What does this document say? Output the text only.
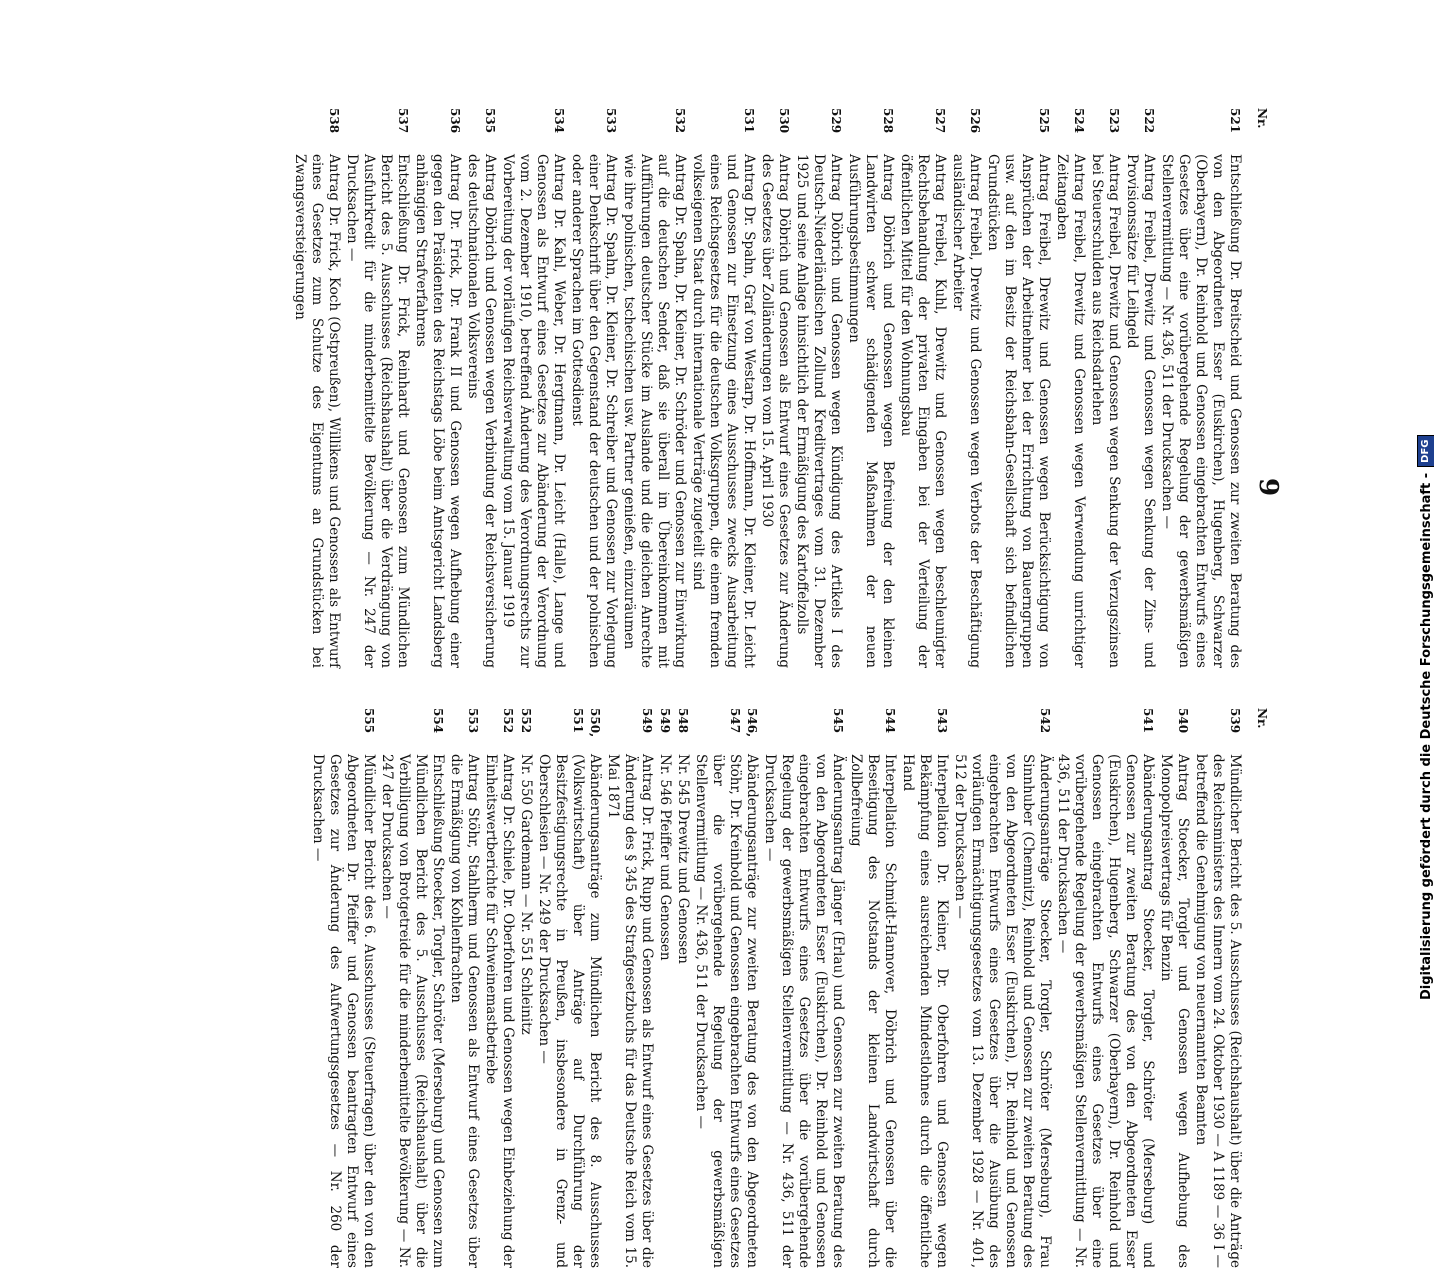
Nr.
9
Nr.
521
Entschließung Dr. Breitscheid und Genossen zur zweiten Beratung des von den Abgeordneten Esser (Euskirchen), Hugenberg, Schwarzer (Oberbayern), Dr. Reinhold und Genossen eingebrachten Entwurfs eines Gesetzes über eine vorübergehende Regelung der gewerbsmäßigen Stellenvermittlung — Nr. 436, 511 der Drucksachen —
522
Antrag Freibel, Drewitz und Genossen wegen Senkung der Zins- und Provisionssätze für Leihgeld
523
Antrag Freibel, Drewitz und Genossen wegen Senkung der Verzugszinsen bei Steuerschulden aus Reichsdarlehen
524
Antrag Freibel, Drewitz und Genossen wegen Verwendung unrichtiger Zeitangaben
525
Antrag Freibel, Drewitz und Genossen wegen Berücksichtigung von Ansprüchen der Arbeitnehmer bei der Errichtung von Bauerngruppen usw. auf den im Besitz der Reichsbahn-Gesellschaft sich befindlichen Grundstücken
526
Antrag Freibel, Drewitz und Genossen wegen Verbots der Beschäftigung ausländischer Arbeiter
527
Antrag Freibel, Kuhl, Drewitz und Genossen wegen beschleunigter Rechtsbehandlung der privaten Eingaben bei der Verteilung der öffentlichen Mittel für den Wohnungsbau
528
Antrag Döbrich und Genossen wegen Befreiung der den kleinen Landwirten schwer schädigenden Maßnahmen der neuen Ausführungsbestimmungen
529
Antrag Döbrich und Genossen wegen Kündigung des Artikels I des Deutsch-Niederländischen Zollund Kreditvertrages vom 31. Dezember 1925 und seine Anlage hinsichtlich der Ermäßigung des Kartoffelzolls
530
Antrag Döbrich und Genossen als Entwurf eines Gesetzes zur Änderung des Gesetzes über Zolländerungen vom 15. April 1930
531
Antrag Dr. Spahn, Graf von Westarp, Dr. Hoffmann, Dr. Kleiner, Dr. Leicht und Genossen zur Einsetzung eines Ausschusses zwecks Ausarbeitung eines Reichsgesetzes für die deutschen Volksgruppen, die einem fremden volkseigenen Staat durch internationale Verträge zugeteilt sind
532
Antrag Dr. Spahn, Dr. Kleiner, Dr. Schröder und Genossen zur Einwirkung auf die deutschen Sender, daß sie überall im Übereinkommen mit Aufführungen deutscher Stücke im Auslande und die gleichen Anrechte wie ihre polnischen, tschechischen usw. Partner genießen, einzuräumen
533
Antrag Dr. Spahn, Dr. Kleiner, Dr. Schreiber und Genossen zur Vorlegung einer Denkschrift über den Gegenstand der deutschen und der polnischen oder anderer Sprachen im Gottesdienst
534
Antrag Dr. Kahl, Weber, Dr. Hergtmann, Dr. Leicht (Halle), Lange und Genossen als Entwurf eines Gesetzes zur Abänderung der Verordnung vom 2. Dezember 1910, betreffend Änderung des Verordnungsrechts zur Vorbereitung der vorläufigen Reichsverwaltung vom 15. Januar 1919
535
Antrag Döbrich und Genossen wegen Verbindung der Reichsversicherung des deutschnationalen Volksvereins
536
Antrag Dr. Frick, Dr. Frank II und Genossen wegen Aufhebung einer gegen den Präsidenten des Reichstags Löbe beim Amtsgericht Landsberg anhängigen Strafverfahrens
537
Entschließung Dr. Frick, Reinhardt und Genossen zum Mündlichen Bericht des 5. Ausschusses (Reichshaushalt) über die Verdrängung von Ausfuhrkredit für die minderbemittelte Bevölkerung — Nr. 247 der Drucksachen —
538
Antrag Dr. Frick, Koch (Ostpreußen), Willikens und Genossen als Entwurf eines Gesetzes zum Schutze des Eigentums an Grundstücken bei Zwangsversteigerungen
539
Mündlicher Bericht des 5. Ausschusses (Reichshaushalt) über die Anträge des Reichsministers des Innern vom 24. Oktober 1930 — A 1189 — 36 I — betreffend die Genehmigung von neuernannten Beamten
540
Antrag Stoecker, Torgler und Genossen wegen Aufhebung des Monopolpreisvertrags für Benzin
541
Abänderungsantrag Stoecker, Torgler, Schröter (Merseburg) und Genossen zur zweiten Beratung des von den Abgeordneten Esser (Euskirchen), Hugenberg, Schwarzer (Oberbayern), Dr. Reinhold und Genossen eingebrachten Entwurfs eines Gesetzes über eine vorübergehende Regelung der gewerbsmäßigen Stellenvermittlung — Nr. 436, 511 der Drucksachen —
542
Änderungsanträge Stoecker, Torgler, Schröter (Merseburg), Frau Sinnhuber (Chemnitz), Reinhold und Genossen zur zweiten Beratung des von den Abgeordneten Esser (Euskirchen), Dr. Reinhold und Genossen eingebrachten Entwurfs eines Gesetzes über die Ausübung des vorläufigen Ermächtigungsgesetzes vom 13. Dezember 1928 — Nr. 401, 512 der Drucksachen —
543
Interpellation Dr. Kleiner, Dr. Oberfohren und Genossen wegen Bekämpfung eines ausreichenden Mindestlohnes durch die öffentliche Hand
544
Interpellation Schmidt-Hannover, Döbrich und Genossen über die Beseitigung des Notstands der kleinen Landwirtschaft durch Zollbefreiung
545
Änderungsantrag Jänger (Erlau) und Genossen zur zweiten Beratung des von den Abgeordneten Esser (Euskirchen), Dr. Reinhold und Genossen eingebrachten Entwurfs eines Gesetzes über die vorübergehende Regelung der gewerbsmäßigen Stellenvermittlung — Nr. 436, 511 der Drucksachen —
546, 547
Abänderungsanträge zur zweiten Beratung des von den Abgeordneten Stöhr, Dr. Kreinbold und Genossen eingebrachten Entwurfs eines Gesetzes über die vorübergehende Regelung der gewerbsmäßigen Stellenvermittlung — Nr. 436, 511 der Drucksachen —
548
Nr. 545 Drewitz und Genossen
549
Nr. 546 Pfeiffer und Genossen
549
Antrag Dr. Frick, Rupp und Genossen als Entwurf eines Gesetzes über die Änderung des § 345 des Strafgesetzbuchs für das Deutsche Reich vom 15. Mai 1871
550, 551
Abänderungsanträge zum Mündlichen Bericht des 8. Ausschusses (Volkswirtschaft) über Anträge auf Durchführung der Besitzfestigungsrechte in Preußen, insbesondere in Grenz- und Oberschlesien — Nr. 249 der Drucksachen —
552
Nr. 550 Gardemann — Nr. 551 Schleinitz
552
Antrag Dr. Schiele, Dr. Oberfohren und Genossen wegen Einbeziehung der Einheitswertberichte für Schweinemastbetriebe
553
Antrag Stöhr, Stahlherm und Genossen als Entwurf eines Gesetzes über die Ermäßigung von Kohlenfrachten
554
Entschließung Stoecker, Torgler, Schröter (Merseburg) und Genossen zum Mündlichen Bericht des 5. Ausschusses (Reichshaushalt) über die Verbilligung von Brotgetreide für die minderbemittelte Bevölkerung — Nr. 247 der Drucksachen —
555
Mündlicher Bericht des 6. Ausschusses (Steuerfragen) über den von den Abgeordneten Dr. Pfeiffer und Genossen beantragten Entwurf eines Gesetzes zur Änderung des Aufwertungsgesetzes — Nr. 260 der Drucksachen —	Digitalisierung gefördert durch die Deutsche Forschungsgemeinschaft -
DFG
